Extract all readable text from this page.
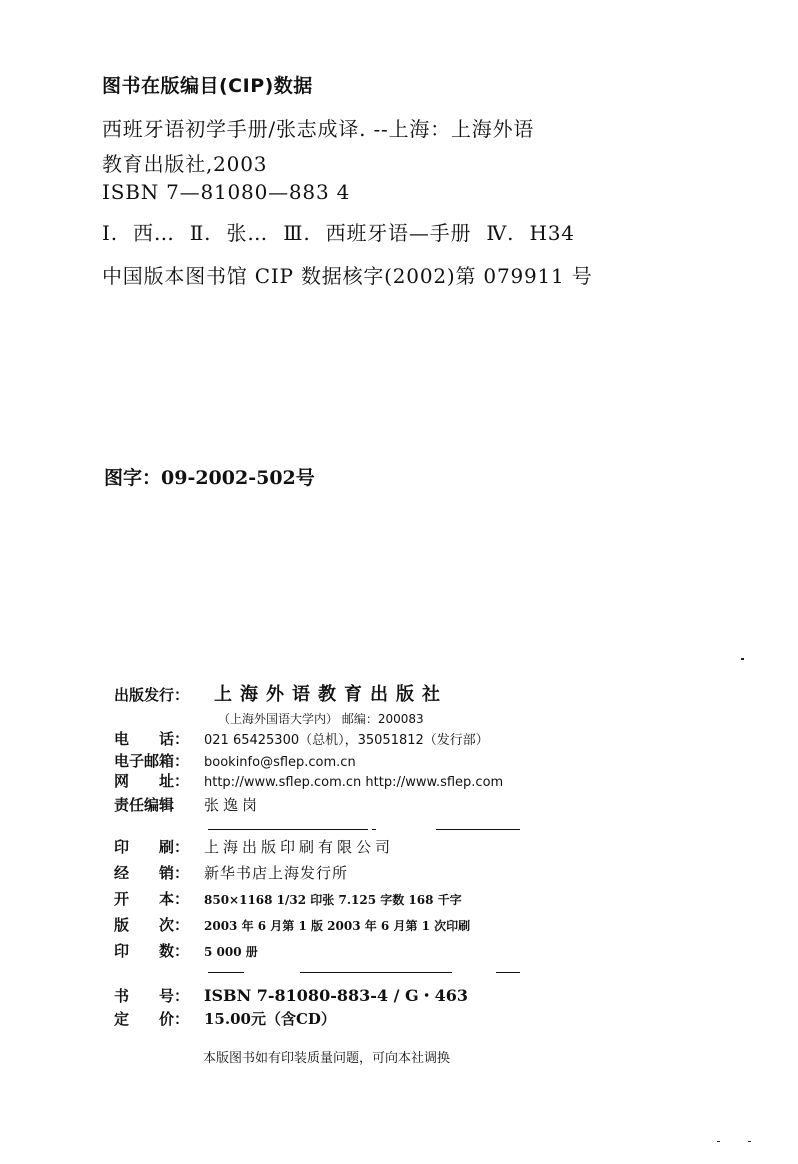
图书在版编目(CIP)数据
西班牙语初学手册/张志成译. --上海：上海外语
教育出版社,2003
ISBN 7—81080—883 4
Ⅰ. 西… Ⅱ. 张… Ⅲ. 西班牙语—手册 Ⅳ. H34
中国版本图书馆 CIP 数据核字(2002)第 079911 号
图字：09-2002-502号
出版发行：	上海外语教育出版社
（上海外国语大学内） 邮编：200083
电　　话：	021 65425300（总机），35051812（发行部）
电子邮箱：	bookinfo@sflep.com.cn
网　　址：	http://www.sflep.com.cn http://www.sflep.com
责任编辑	张逸岗
印　　刷： 上海出版印刷有限公司
经　　销： 新华书店上海发行所
开　　本：	850×1168 1/32 印张 7.125 字数 168 千字
版　　次：	2003 年 6 月第 1 版 2003 年 6 月第 1 次印刷
印　　数：	5 000 册
书　　号： ISBN 7-81080-883-4 / G・463
定　　价： 15.00元（含CD）
本版图书如有印装质量问题，可向本社调换
